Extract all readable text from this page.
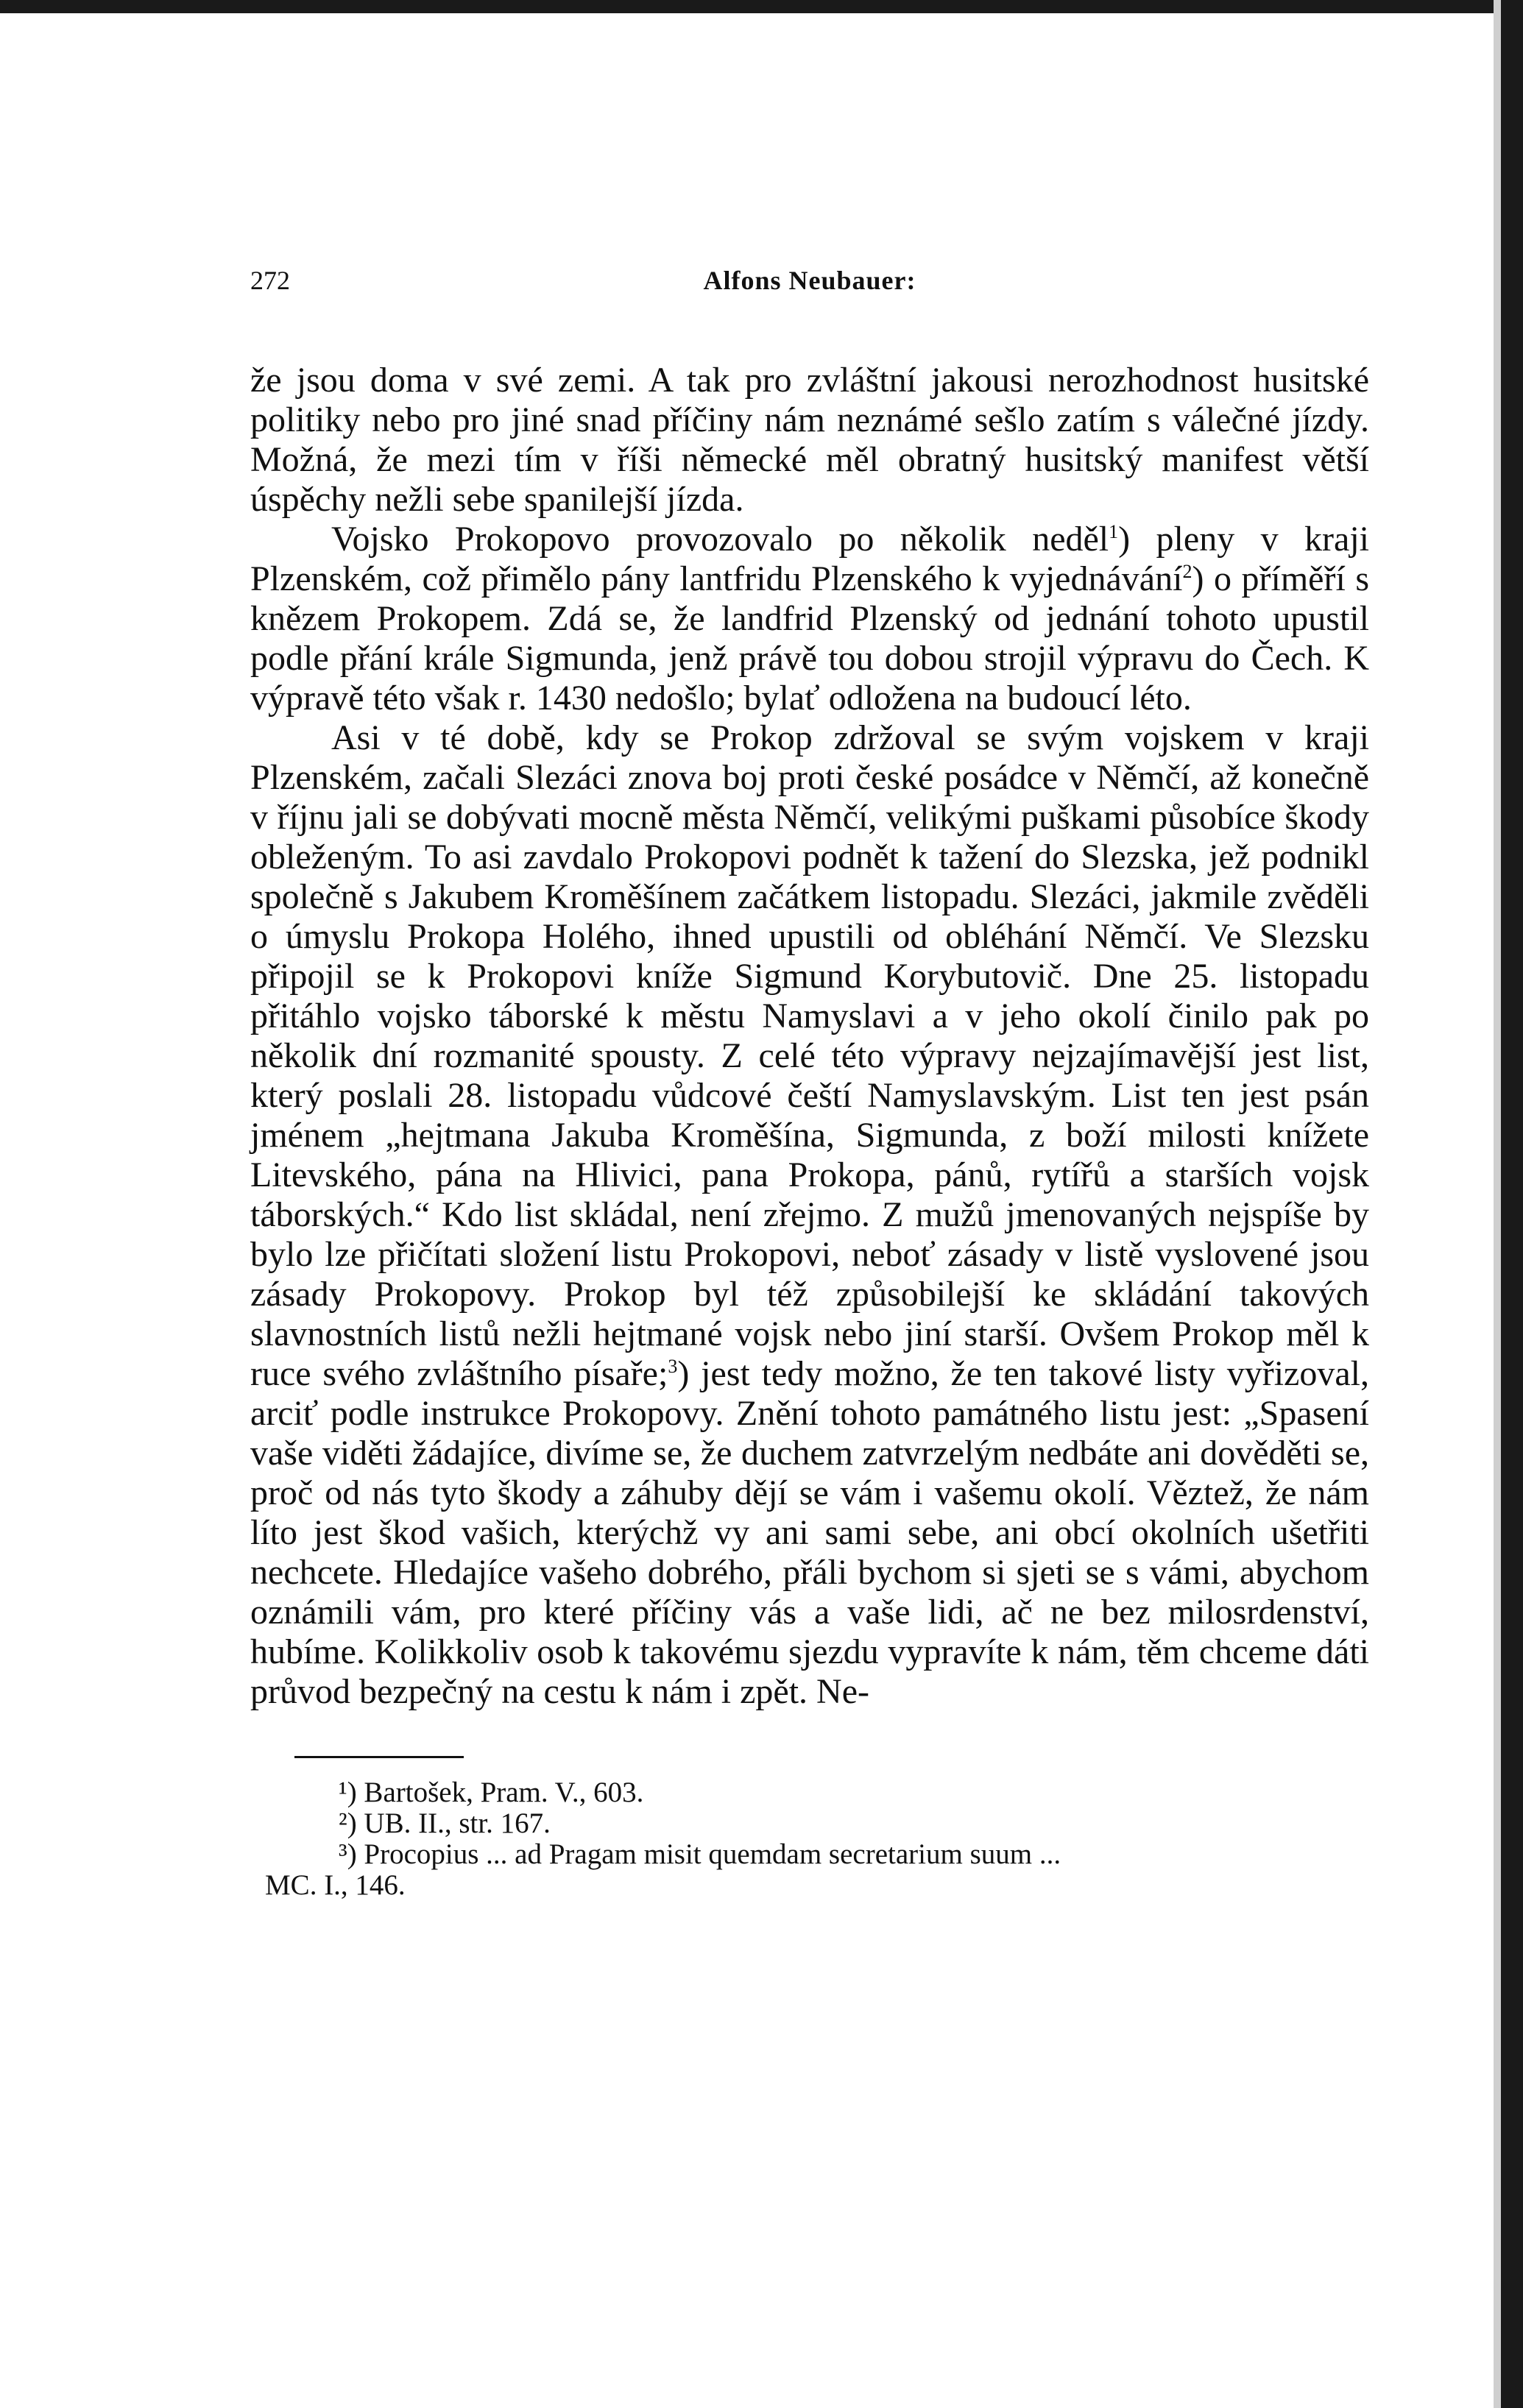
272	Alfons Neubauer:

že jsou doma v své zemi. A tak pro zvláštní jakousi nerozhodnost husitské politiky nebo pro jiné snad příčiny nám neznámé sešlo zatím s válečné jízdy. Možná, že mezi tím v říši německé měl obratný husitský manifest větší úspěchy nežli sebe spanilejší jízda.

Vojsko Prokopovo provozovalo po několik neděl$^1$) pleny v kraji Plzenském, což přimělo pány lantfridu Plzenského k vyjednávání$^2$) o příměří s knězem Prokopem. Zdá se, že landfrid Plzenský od jednání tohoto upustil podle přání krále Sigmunda, jenž právě tou dobou strojil výpravu do Čech. K výpravě této však r. 1430 nedošlo; bylať odložena na budoucí léto.

Asi v té době, kdy se Prokop zdržoval se svým vojskem v kraji Plzenském, začali Slezáci znova boj proti české posádce v Němčí, až konečně v říjnu jali se dobývati mocně města Němčí, velikými puškami působíce škody obleženým. To asi zavdalo Prokopovi podnět k tažení do Slezska, jež podnikl společně s Jakubem Kroměšínem začátkem listopadu. Slezáci, jakmile zvěděli o úmyslu Prokopa Holého, ihned upustili od obléhání Němčí. Ve Slezsku připojil se k Prokopovi kníže Sigmund Korybutovič. Dne 25. listopadu přitáhlo vojsko táborské k městu Namyslavi a v jeho okolí činilo pak po několik dní rozmanité spousty. Z celé této výpravy nejzajímavější jest list, který poslali 28. listopadu vůdcové čeští Namyslavským. List ten jest psán jménem „hejtmana Jakuba Kroměšína, Sigmunda, z boží milosti knížete Litevského, pána na Hlivici, pana Prokopa, pánů, rytířů a starších vojsk táborských.“ Kdo list skládal, není zřejmo. Z mužů jmenovaných nejspíše by bylo lze přičítati složení listu Prokopovi, neboť zásady v listě vyslovené jsou zásady Prokopovy. Prokop byl též způsobilejší ke skládání takových slavnostních listů nežli hejtmané vojsk nebo jiní starší. Ovšem Prokop měl k ruce svého zvláštního písaře;$^3$) jest tedy možno, že ten takové listy vyřizoval, arciť podle instrukce Prokopovy. Znění tohoto památného listu jest: „Spasení vaše viděti žádajíce, divíme se, že duchem zatvrzelým nedbáte ani dověděti se, proč od nás tyto škody a záhuby dějí se vám i vašemu okolí. Věztež, že nám líto jest škod vašich, kterýchž vy ani sami sebe, ani obcí okolních ušetřiti nechcete. Hledajíce vašeho dobrého, přáli bychom si sjeti se s vámi, abychom oznámili vám, pro které příčiny vás a vaše lidi, ač ne bez milosrdenství, hubíme. Kolikkoliv osob k takovému sjezdu vypravíte k nám, těm chceme dáti průvod bezpečný na cestu k nám i zpět. Ne-

¹) Bartošek, Pram. V., 603.
²) UB. II., str. 167.
³) Procopius ... ad Pragam misit quemdam secretarium suum ...
MC. I., 146.
